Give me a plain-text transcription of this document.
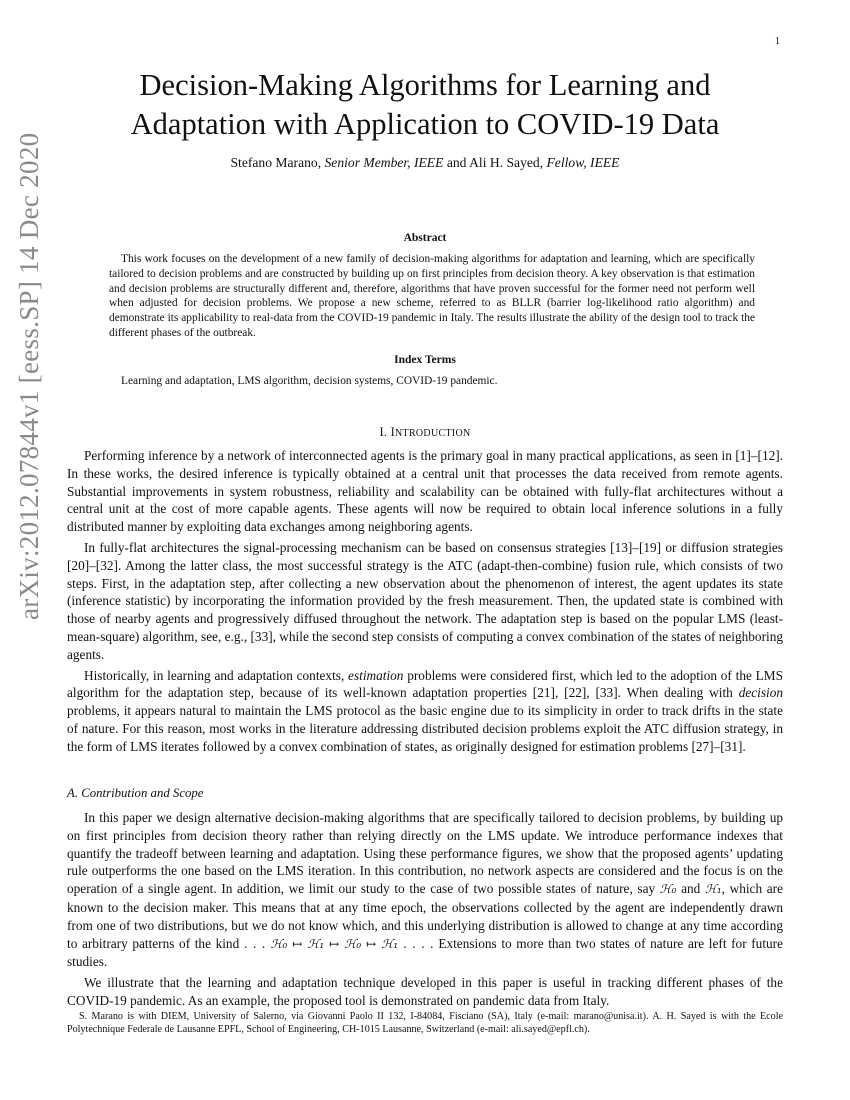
1
arXiv:2012.07844v1 [eess.SP] 14 Dec 2020
Decision-Making Algorithms for Learning and
Adaptation with Application to COVID-19 Data
Stefano Marano, Senior Member, IEEE and Ali H. Sayed, Fellow, IEEE
Abstract
This work focuses on the development of a new family of decision-making algorithms for adaptation and learning, which are specifically tailored to decision problems and are constructed by building up on first principles from decision theory. A key observation is that estimation and decision problems are structurally different and, therefore, algorithms that have proven successful for the former need not perform well when adjusted for decision problems. We propose a new scheme, referred to as BLLR (barrier log-likelihood ratio algorithm) and demonstrate its applicability to real-data from the COVID-19 pandemic in Italy. The results illustrate the ability of the design tool to track the different phases of the outbreak.
Index Terms
Learning and adaptation, LMS algorithm, decision systems, COVID-19 pandemic.
I. INTRODUCTION

Performing inference by a network of interconnected agents is the primary goal in many practical applications, as seen in [1]–[12]. In these works, the desired inference is typically obtained at a central unit that processes the data received from remote agents. Substantial improvements in system robustness, reliability and scalability can be obtained with fully-flat architectures without a central unit at the cost of more capable agents. These agents will now be required to obtain local inference solutions in a fully distributed manner by exploiting data exchanges among neighboring agents.

In fully-flat architectures the signal-processing mechanism can be based on consensus strategies [13]–[19] or diffusion strategies [20]–[32]. Among the latter class, the most successful strategy is the ATC (adapt-then-combine) fusion rule, which consists of two steps. First, in the adaptation step, after collecting a new observation about the phenomenon of interest, the agent updates its state (inference statistic) by incorporating the information provided by the fresh measurement. Then, the updated state is combined with those of nearby agents and progressively diffused throughout the network. The adaptation step is based on the popular LMS (least-mean-square) algorithm, see, e.g., [33], while the second step consists of computing a convex combination of the states of neighboring agents.

Historically, in learning and adaptation contexts, estimation problems were considered first, which led to the adoption of the LMS algorithm for the adaptation step, because of its well-known adaptation properties [21], [22], [33]. When dealing with decision problems, it appears natural to maintain the LMS protocol as the basic engine due to its simplicity in order to track drifts in the state of nature. For this reason, most works in the literature addressing distributed decision problems exploit the ATC diffusion strategy, in the form of LMS iterates followed by a convex combination of states, as originally designed for estimation problems [27]–[31].

A. Contribution and Scope

In this paper we design alternative decision-making algorithms that are specifically tailored to decision problems, by building up on first principles from decision theory rather than relying directly on the LMS update. We introduce performance indexes that quantify the tradeoff between learning and adaptation. Using these performance figures, we show that the proposed agents’ updating rule outperforms the one based on the LMS iteration. In this contribution, no network aspects are considered and the focus is on the operation of a single agent. In addition, we limit our study to the case of two possible states of nature, say ℋ₀ and ℋ₁, which are known to the decision maker. This means that at any time epoch, the observations collected by the agent are independently drawn from one of two distributions, but we do not know which, and this underlying distribution is allowed to change at any time according to arbitrary patterns of the kind . . . ℋ₀ ↦ ℋ₁ ↦ ℋ₀ ↦ ℋ₁ . . . . Extensions to more than two states of nature are left for future studies.

We illustrate that the learning and adaptation technique developed in this paper is useful in tracking different phases of the COVID-19 pandemic. As an example, the proposed tool is demonstrated on pandemic data from Italy.

S. Marano is with DIEM, University of Salerno, via Giovanni Paolo II 132, I-84084, Fisciano (SA), Italy (e-mail: marano@unisa.it). A. H. Sayed is with the Ecole Polytechnique Federale de Lausanne EPFL, School of Engineering, CH-1015 Lausanne, Switzerland (e-mail: ali.sayed@epfl.ch).
